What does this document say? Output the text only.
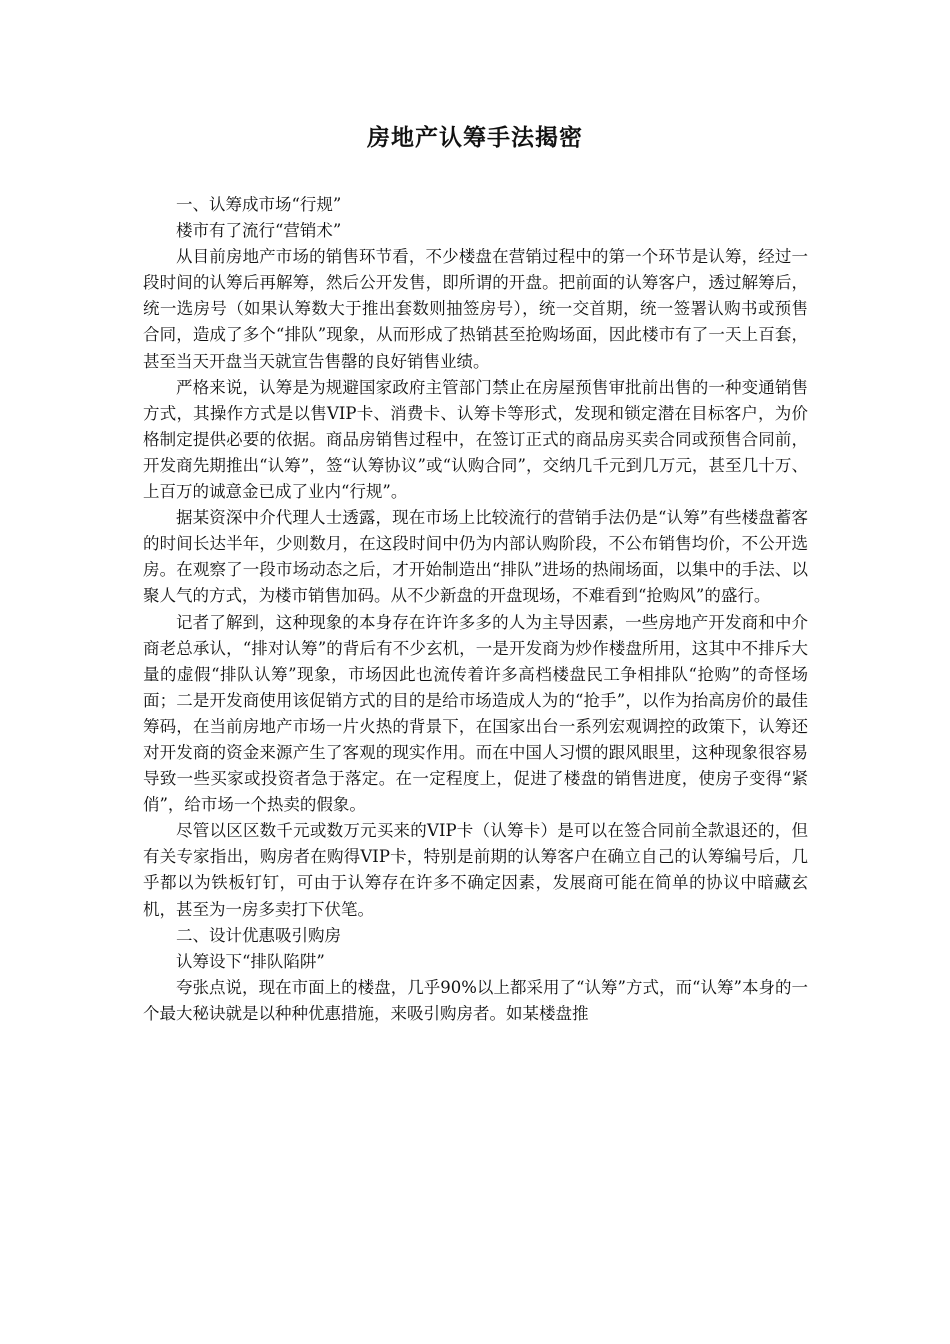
房地产认筹手法揭密

一、认筹成市场“行规”

楼市有了流行“营销术”

从目前房地产市场的销售环节看，不少楼盘在营销过程中的第一个环节是认筹，经过一段时间的认筹后再解筹，然后公开发售，即所谓的开盘。把前面的认筹客户，透过解筹后，统一选房号（如果认筹数大于推出套数则抽签房号），统一交首期，统一签署认购书或预售合同，造成了多个“排队”现象，从而形成了热销甚至抢购场面，因此楼市有了一天上百套，甚至当天开盘当天就宣告售罄的良好销售业绩。

严格来说，认筹是为规避国家政府主管部门禁止在房屋预售审批前出售的一种变通销售方式，其操作方式是以售VIP卡、消费卡、认筹卡等形式，发现和锁定潜在目标客户，为价格制定提供必要的依据。商品房销售过程中，在签订正式的商品房买卖合同或预售合同前，开发商先期推出“认筹”，签“认筹协议”或“认购合同”，交纳几千元到几万元，甚至几十万、上百万的诚意金已成了业内“行规”。

据某资深中介代理人士透露，现在市场上比较流行的营销手法仍是“认筹”有些楼盘蓄客的时间长达半年，少则数月，在这段时间中仍为内部认购阶段，不公布销售均价，不公开选房。在观察了一段市场动态之后，才开始制造出“排队”进场的热闹场面，以集中的手法、以聚人气的方式，为楼市销售加码。从不少新盘的开盘现场，不难看到“抢购风”的盛行。

记者了解到，这种现象的本身存在许许多多的人为主导因素，一些房地产开发商和中介商老总承认，“排对认筹”的背后有不少玄机，一是开发商为炒作楼盘所用，这其中不排斥大量的虚假“排队认筹”现象，市场因此也流传着许多高档楼盘民工争相排队“抢购”的奇怪场面；二是开发商使用该促销方式的目的是给市场造成人为的“抢手”，以作为抬高房价的最佳筹码，在当前房地产市场一片火热的背景下，在国家出台一系列宏观调控的政策下，认筹还对开发商的资金来源产生了客观的现实作用。而在中国人习惯的跟风眼里，这种现象很容易导致一些买家或投资者急于落定。在一定程度上，促进了楼盘的销售进度，使房子变得“紧俏”，给市场一个热卖的假象。

尽管以区区数千元或数万元买来的VIP卡（认筹卡）是可以在签合同前全款退还的，但有关专家指出，购房者在购得VIP卡，特别是前期的认筹客户在确立自己的认筹编号后，几乎都以为铁板钉钉，可由于认筹存在许多不确定因素，发展商可能在简单的协议中暗藏玄机，甚至为一房多卖打下伏笔。

二、设计优惠吸引购房

认筹设下“排队陷阱”

夸张点说，现在市面上的楼盘，几乎90%以上都采用了“认筹”方式，而“认筹”本身的一个最大秘诀就是以种种优惠措施，来吸引购房者。如某楼盘推
